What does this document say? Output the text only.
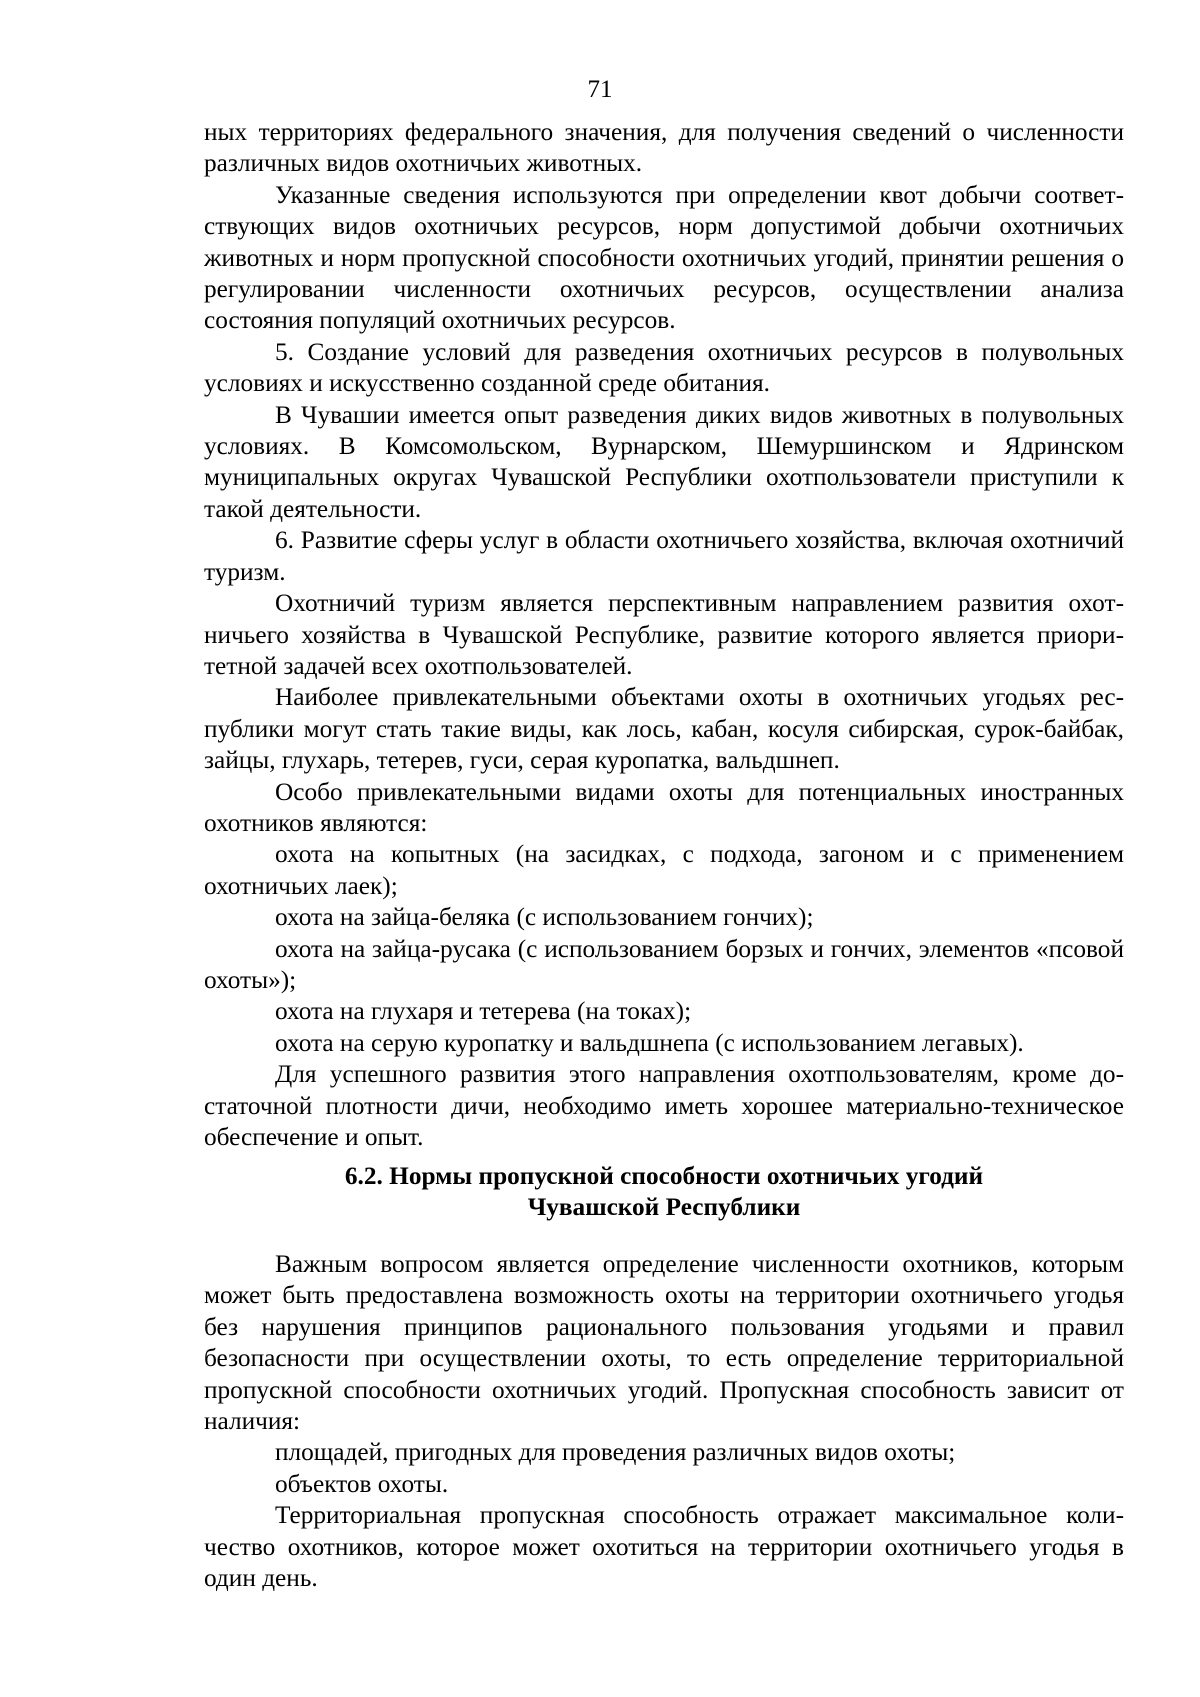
71

ных территориях федерального значения, для получения сведений о численности различных видов охотничьих животных.

Указанные сведения используются при определении квот добычи соответствующих видов охотничьих ресурсов, норм допустимой добычи охотничьих животных и норм пропускной способности охотничьих угодий, принятии решения о регулировании численности охотничьих ресурсов, осуществлении анализа состояния популяций охотничьих ресурсов.

5. Создание условий для разведения охотничьих ресурсов в полувольных условиях и искусственно созданной среде обитания.

В Чувашии имеется опыт разведения диких видов животных в полувольных условиях. В Комсомольском, Вурнарском, Шемуршинском и Ядринском муниципальных округах Чувашской Республики охотпользователи приступили к такой деятельности.

6. Развитие сферы услуг в области охотничьего хозяйства, включая охотничий туризм.

Охотничий туризм является перспективным направлением развития охотничьего хозяйства в Чувашской Республике, развитие которого является приоритетной задачей всех охотпользователей.

Наиболее привлекательными объектами охоты в охотничьих угодьях республики могут стать такие виды, как лось, кабан, косуля сибирская, сурок-байбак, зайцы, глухарь, тетерев, гуси, серая куропатка, вальдшнеп.

Особо привлекательными видами охоты для потенциальных иностранных охотников являются:

охота на копытных (на засидках, с подхода, загоном и с применением охотничьих лаек);

охота на зайца-беляка (с использованием гончих);

охота на зайца-русака (с использованием борзых и гончих, элементов «псовой охоты»);

охота на глухаря и тетерева (на токах);

охота на серую куропатку и вальдшнепа (с использованием легавых).

Для успешного развития этого направления охотпользователям, кроме достаточной плотности дичи, необходимо иметь хорошее материально-техническое обеспечение и опыт.

6.2. Нормы пропускной способности охотничьих угодий
Чувашской Республики

Важным вопросом является определение численности охотников, которым может быть предоставлена возможность охоты на территории охотничьего угодья без нарушения принципов рационального пользования угодьями и правил безопасности при осуществлении охоты, то есть определение территориальной пропускной способности охотничьих угодий. Пропускная способность зависит от наличия:

площадей, пригодных для проведения различных видов охоты;

объектов охоты.

Территориальная пропускная способность отражает максимальное количество охотников, которое может охотиться на территории охотничьего угодья в один день.
